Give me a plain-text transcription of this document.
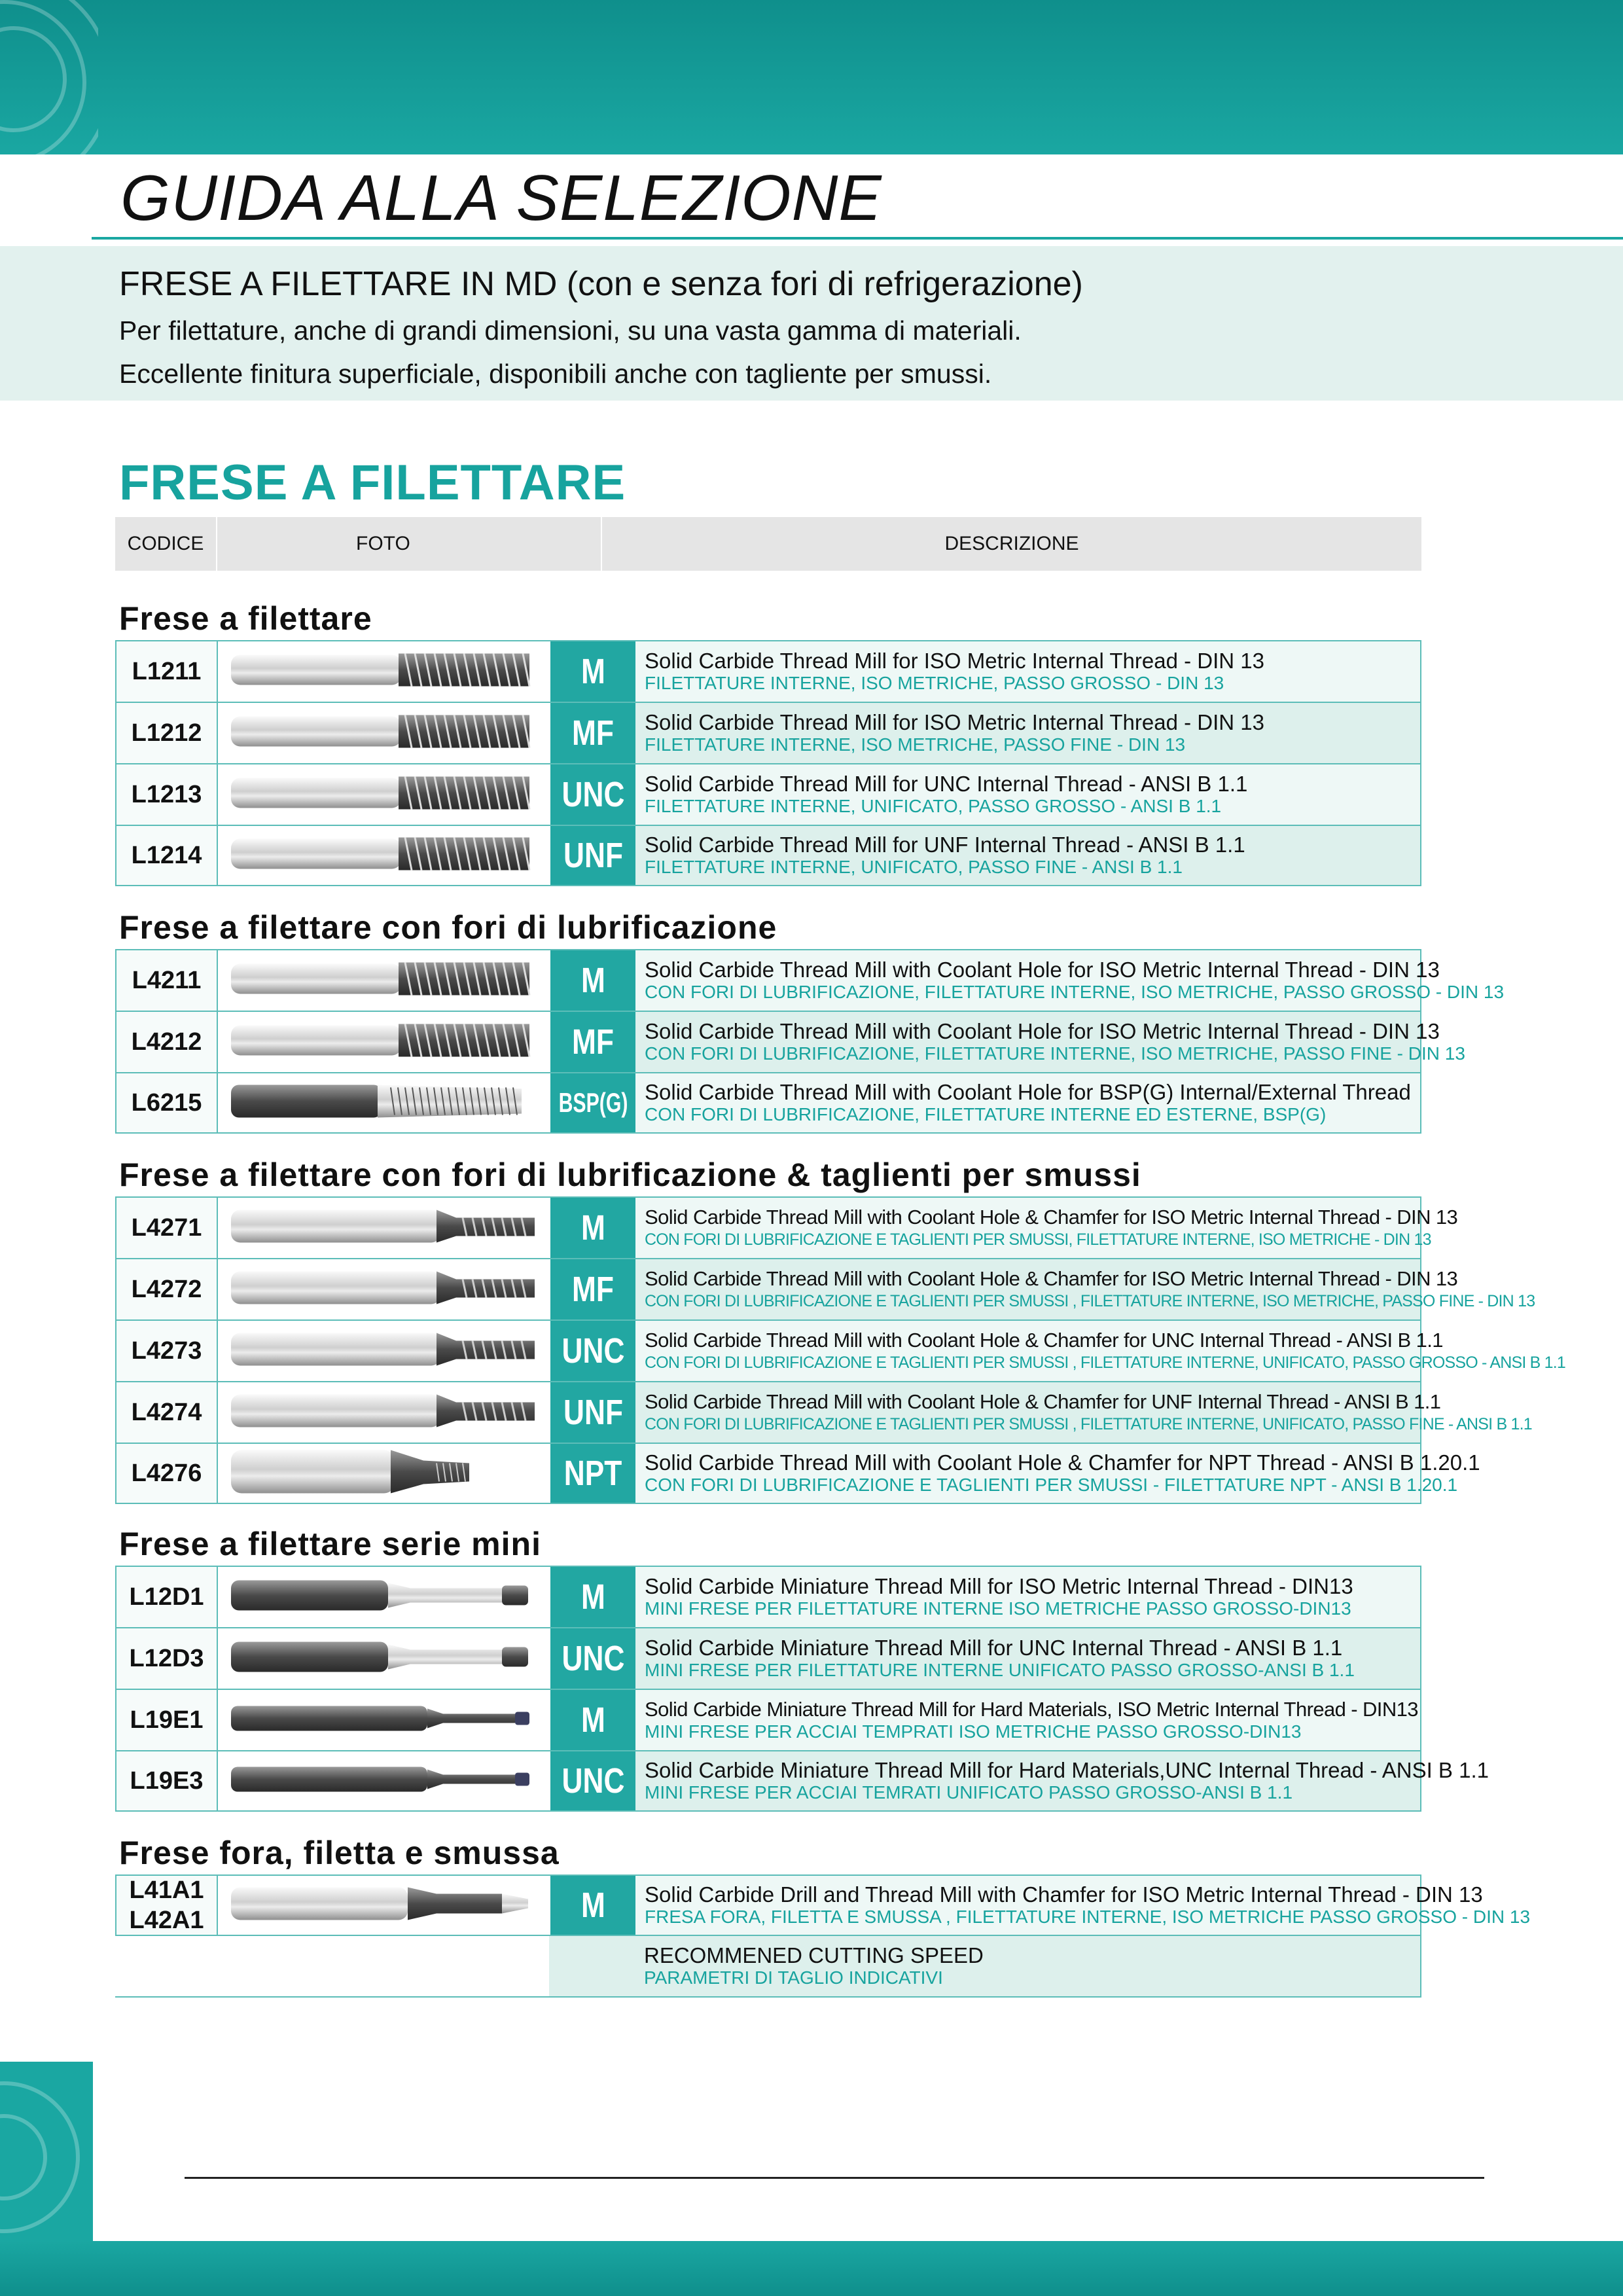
GUIDA ALLA SELEZIONE
FRESE A FILETTARE IN MD (con e senza fori di refrigerazione)
Per filettature, anche di grandi dimensioni, su una vasta gamma di materiali.
Eccellente finitura superficiale, disponibili anche con tagliente per smussi.
FRESE A FILETTARE
CODICE	FOTO	DESCRIZIONE
Frese a filettare
L1211	M Solid Carbide Thread Mill for ISO Metric Internal Thread - DIN 13
FILETTATURE INTERNE, ISO METRICHE, PASSO GROSSO - DIN 13
L1212	MF Solid Carbide Thread Mill for ISO Metric Internal Thread - DIN 13
FILETTATURE INTERNE, ISO METRICHE, PASSO FINE - DIN 13
L1213	UNC Solid Carbide Thread Mill for UNC Internal Thread - ANSI B 1.1
FILETTATURE INTERNE, UNIFICATO, PASSO GROSSO - ANSI B 1.1
L1214	UNF Solid Carbide Thread Mill for UNF Internal Thread - ANSI B 1.1
FILETTATURE INTERNE, UNIFICATO, PASSO FINE - ANSI B 1.1
Frese a filettare con fori di lubrificazione
L4211	M Solid Carbide Thread Mill with Coolant Hole for ISO Metric Internal Thread - DIN 13
CON FORI DI LUBRIFICAZIONE, FILETTATURE INTERNE, ISO METRICHE, PASSO GROSSO - DIN 13
L4212	MF Solid Carbide Thread Mill with Coolant Hole for ISO Metric Internal Thread - DIN 13
CON FORI DI LUBRIFICAZIONE, FILETTATURE INTERNE, ISO METRICHE, PASSO FINE - DIN 13
L6215	BSP(G) Solid Carbide Thread Mill with Coolant Hole for BSP(G) Internal/External Thread
CON FORI DI LUBRIFICAZIONE, FILETTATURE INTERNE ED ESTERNE, BSP(G)
Frese a filettare con fori di lubrificazione & taglienti per smussi
L4271	M Solid Carbide Thread Mill with Coolant Hole & Chamfer for ISO Metric Internal Thread - DIN 13
CON FORI DI LUBRIFICAZIONE E TAGLIENTI PER SMUSSI, FILETTATURE INTERNE, ISO METRICHE - DIN 13
L4272	MF Solid Carbide Thread Mill with Coolant Hole & Chamfer for ISO Metric Internal Thread - DIN 13
CON FORI DI LUBRIFICAZIONE E TAGLIENTI PER SMUSSI , FILETTATURE INTERNE, ISO METRICHE, PASSO FINE - DIN 13
L4273	UNC Solid Carbide Thread Mill with Coolant Hole & Chamfer for UNC Internal Thread - ANSI B 1.1
CON FORI DI LUBRIFICAZIONE E TAGLIENTI PER SMUSSI , FILETTATURE INTERNE, UNIFICATO, PASSO GROSSO - ANSI B 1.1
L4274	UNF Solid Carbide Thread Mill with Coolant Hole & Chamfer for UNF Internal Thread - ANSI B 1.1
CON FORI DI LUBRIFICAZIONE E TAGLIENTI PER SMUSSI , FILETTATURE INTERNE, UNIFICATO, PASSO FINE - ANSI B 1.1
L4276	NPT Solid Carbide Thread Mill with Coolant Hole & Chamfer for NPT Thread - ANSI B 1.20.1
CON FORI DI LUBRIFICAZIONE E TAGLIENTI PER SMUSSI - FILETTATURE NPT - ANSI B 1.20.1
Frese a filettare serie mini
L12D1	M Solid Carbide Miniature Thread Mill for ISO Metric Internal Thread - DIN13
MINI FRESE PER FILETTATURE INTERNE ISO METRICHE PASSO GROSSO-DIN13
L12D3	UNC Solid Carbide Miniature Thread Mill for UNC Internal Thread - ANSI B 1.1
MINI FRESE PER FILETTATURE INTERNE UNIFICATO PASSO GROSSO-ANSI B 1.1
L19E1	M Solid Carbide Miniature Thread Mill for Hard Materials, ISO Metric Internal Thread - DIN13
MINI FRESE PER ACCIAI TEMPRATI ISO METRICHE PASSO GROSSO-DIN13
L19E3	UNC Solid Carbide Miniature Thread Mill for Hard Materials,UNC Internal Thread - ANSI B 1.1
MINI FRESE PER ACCIAI TEMRATI UNIFICATO PASSO GROSSO-ANSI B 1.1
Frese fora, filetta e smussa
L41A1
L42A1	M Solid Carbide Drill and Thread Mill with Chamfer for ISO Metric Internal Thread - DIN 13
FRESA FORA, FILETTA E SMUSSA , FILETTATURE INTERNE, ISO METRICHE PASSO GROSSO - DIN 13
RECOMMENED CUTTING SPEED
PARAMETRI DI TAGLIO INDICATIVI
